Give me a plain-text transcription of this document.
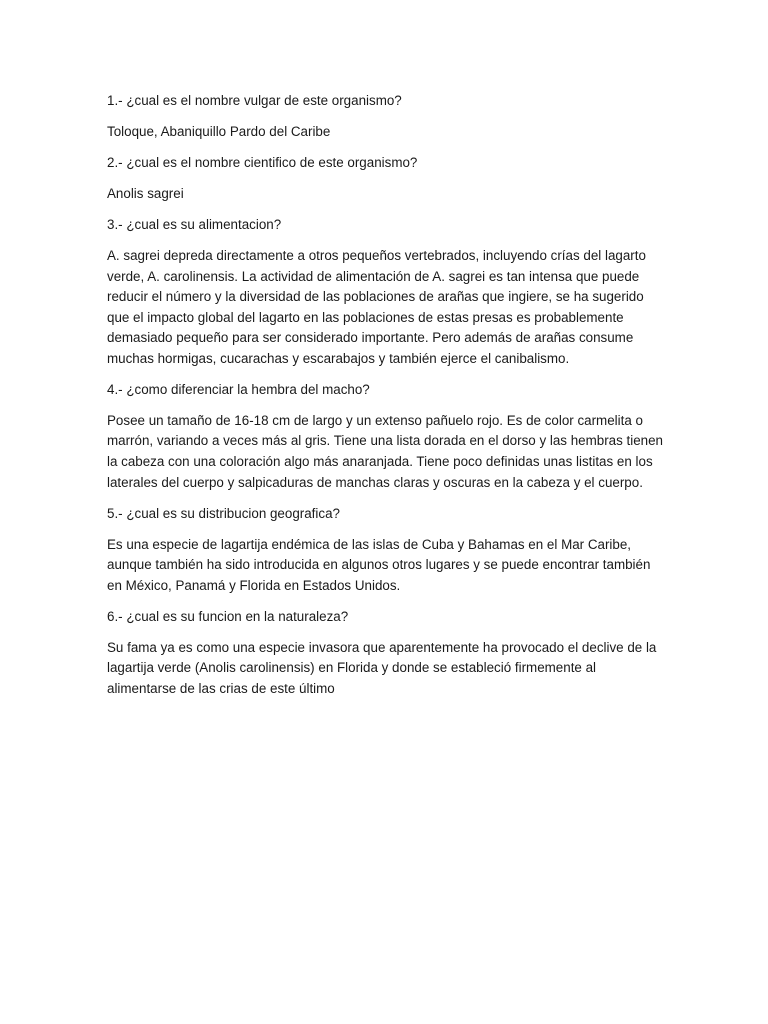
1.- ¿cual es el nombre vulgar de este organismo?

Toloque, Abaniquillo Pardo del Caribe

2.- ¿cual es el nombre cientifico de este organismo?

Anolis sagrei

3.- ¿cual es su alimentacion?

A. sagrei depreda directamente a otros pequeños vertebrados, incluyendo crías del lagarto verde, A. carolinensis. La actividad de alimentación de A. sagrei es tan intensa que puede reducir el número y la diversidad de las poblaciones de arañas que ingiere, se ha sugerido que el impacto global del lagarto en las poblaciones de estas presas es probablemente demasiado pequeño para ser considerado importante. Pero además de arañas consume muchas hormigas, cucarachas y escarabajos y también ejerce el canibalismo.

4.- ¿como diferenciar la hembra del macho?

Posee un tamaño de 16-18 cm de largo y un extenso pañuelo rojo. Es de color carmelita o marrón, variando a veces más al gris. Tiene una lista dorada en el dorso y las hembras tienen la cabeza con una coloración algo más anaranjada. Tiene poco definidas unas listitas en los laterales del cuerpo y salpicaduras de manchas claras y oscuras en la cabeza y el cuerpo.

5.- ¿cual es su distribucion geografica?

Es una especie de lagartija endémica de las islas de Cuba y Bahamas en el Mar Caribe, aunque también ha sido introducida en algunos otros lugares y se puede encontrar también en México, Panamá y Florida en Estados Unidos.

6.- ¿cual es su funcion en la naturaleza?

Su fama ya es como una especie invasora que aparentemente ha provocado el declive de la lagartija verde (Anolis carolinensis) en Florida y donde se estableció firmemente al alimentarse de las crias de este último
